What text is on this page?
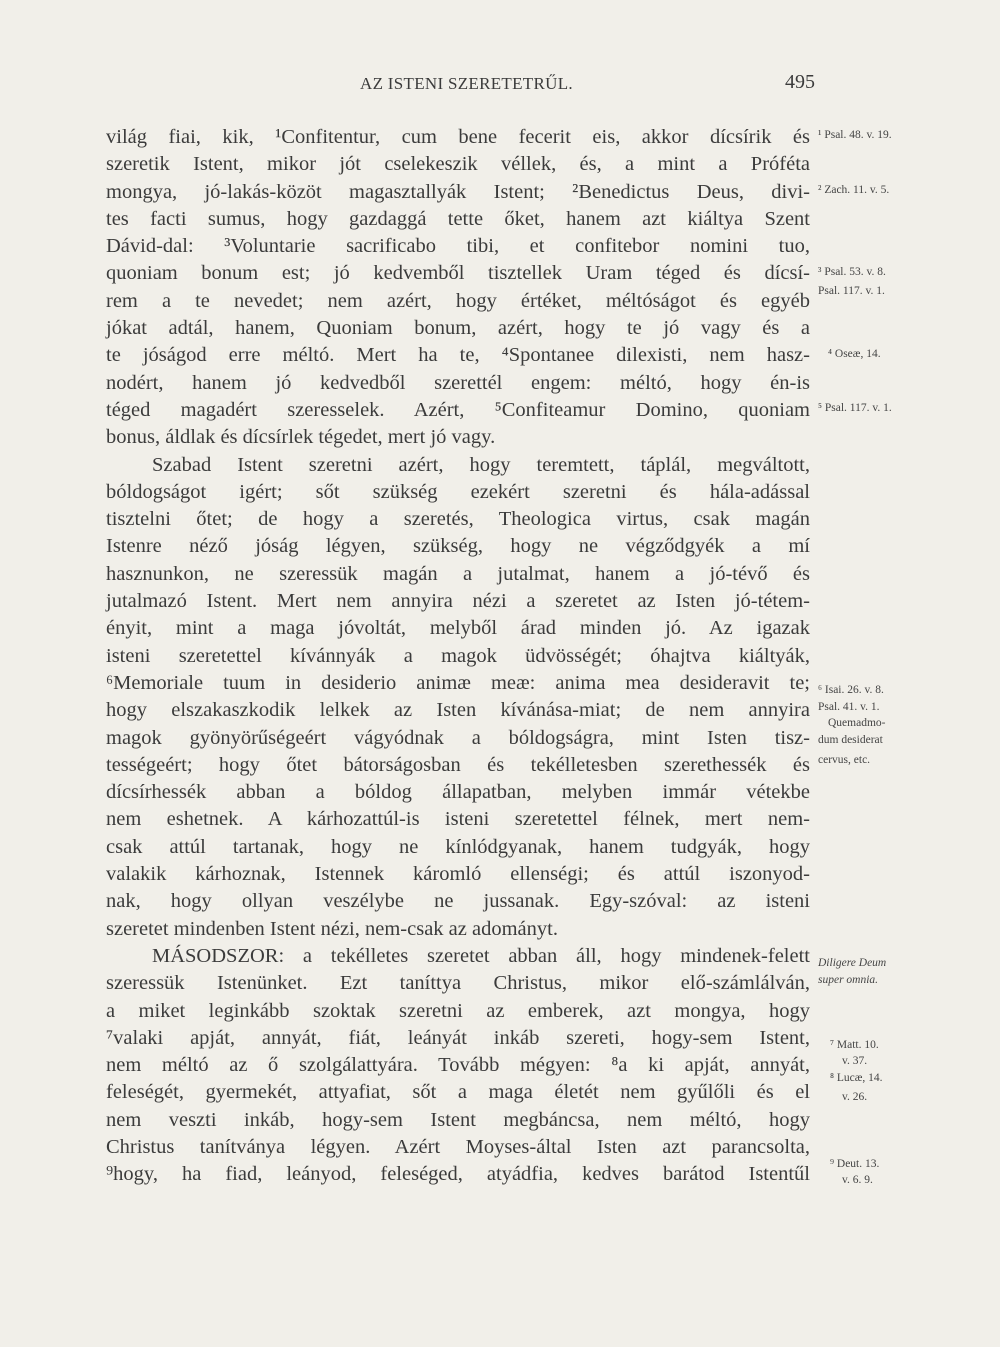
AZ ISTENI SZERETETRŰL.	495
világ fiai, kik, ¹Confitentur, cum bene fecerit eis, akkor dícsírik és
szeretik Istent, mikor jót cselekeszik véllek, és, a mint a Próféta
mongya, jó-lakás-közöt magasztallyák Istent; ²Benedictus Deus, divi-
tes facti sumus, hogy gazdaggá tette őket, hanem azt kiáltya Szent
Dávid-dal: ³Voluntarie sacrificabo tibi, et confitebor nomini tuo,
quoniam bonum est; jó kedvemből tisztellek Uram téged és dícsí-
rem a te nevedet; nem azért, hogy értéket, méltóságot és egyéb
jókat adtál, hanem, Quoniam bonum, azért, hogy te jó vagy és a
te jóságod erre méltó. Mert ha te, ⁴Spontanee dilexisti, nem hasz-
nodért, hanem jó kedvedből szerettél engem: méltó, hogy én-is
téged magadért szeresselek. Azért, ⁵Confiteamur Domino, quoniam
bonus, áldlak és dícsírlek tégedet, mert jó vagy.
Szabad Istent szeretni azért, hogy teremtett, táplál, megváltott,
bóldogságot igért; sőt szükség ezekért szeretni és hála-adással
tisztelni őtet; de hogy a szeretés, Theologica virtus, csak magán
Istenre néző jóság légyen, szükség, hogy ne végződgyék a mí
hasznunkon, ne szeressük magán a jutalmat, hanem a jó-tévő és
jutalmazó Istent. Mert nem annyira nézi a szeretet az Isten jó-tétem-
ényit, mint a maga jóvoltát, melyből árad minden jó. Az igazak
isteni szeretettel kívánnyák a magok üdvösségét; óhajtva kiáltyák,
⁶Memoriale tuum in desiderio animæ meæ: anima mea desideravit te;
hogy elszakaszkodik lelkek az Isten kívánása-miat; de nem annyira
magok gyönyörűségeért vágyódnak a bóldogságra, mint Isten tisz-
tességeért; hogy őtet bátorságosban és tekélletesben szerethessék és
dícsírhessék abban a bóldog állapatban, melyben immár vétekbe
nem eshetnek. A kárhozattúl-is isteni szeretettel félnek, mert nem-
csak attúl tartanak, hogy ne kínlódgyanak, hanem tudgyák, hogy
valakik kárhoznak, Istennek káromló ellenségi; és attúl iszonyod-
nak, hogy ollyan veszélybe ne jussanak. Egy-szóval: az isteni
szeretet mindenben Istent nézi, nem-csak az adományt.
MÁSODSZOR: a tekélletes szeretet abban áll, hogy mindenek-felett
szeressük Istenünket. Ezt taníttya Christus, mikor elő-számlálván,
a miket leginkább szoktak szeretni az emberek, azt mongya, hogy
⁷valaki apját, annyát, fiát, leányát inkáb szereti, hogy-sem Istent,
nem méltó az ő szolgálattyára. Tovább mégyen: ⁸a ki apját, annyát,
feleségét, gyermekét, attyafiat, sőt a maga életét nem gyűlőli és el
nem veszti inkáb, hogy-sem Istent megbáncsa, nem méltó, hogy
Christus tanítványa légyen. Azért Moyses-által Isten azt parancsolta,
⁹hogy, ha fiad, leányod, feleséged, atyádfia, kedves barátod Istentűl
¹ Psal. 48. v. 19.
² Zach. 11. v. 5.
³ Psal. 53. v. 8.
Psal. 117. v. 1.
⁴ Oseæ, 14.
⁵ Psal. 117. v. 1.
⁶ Isai. 26. v. 8.
Psal. 41. v. 1.
Quemadmo-
dum desiderat
cervus, etc.
Diligere Deum
super omnia.
⁷ Matt. 10.
v. 37.
⁸ Lucæ, 14.
v. 26.
⁹ Deut. 13.
v. 6. 9.
